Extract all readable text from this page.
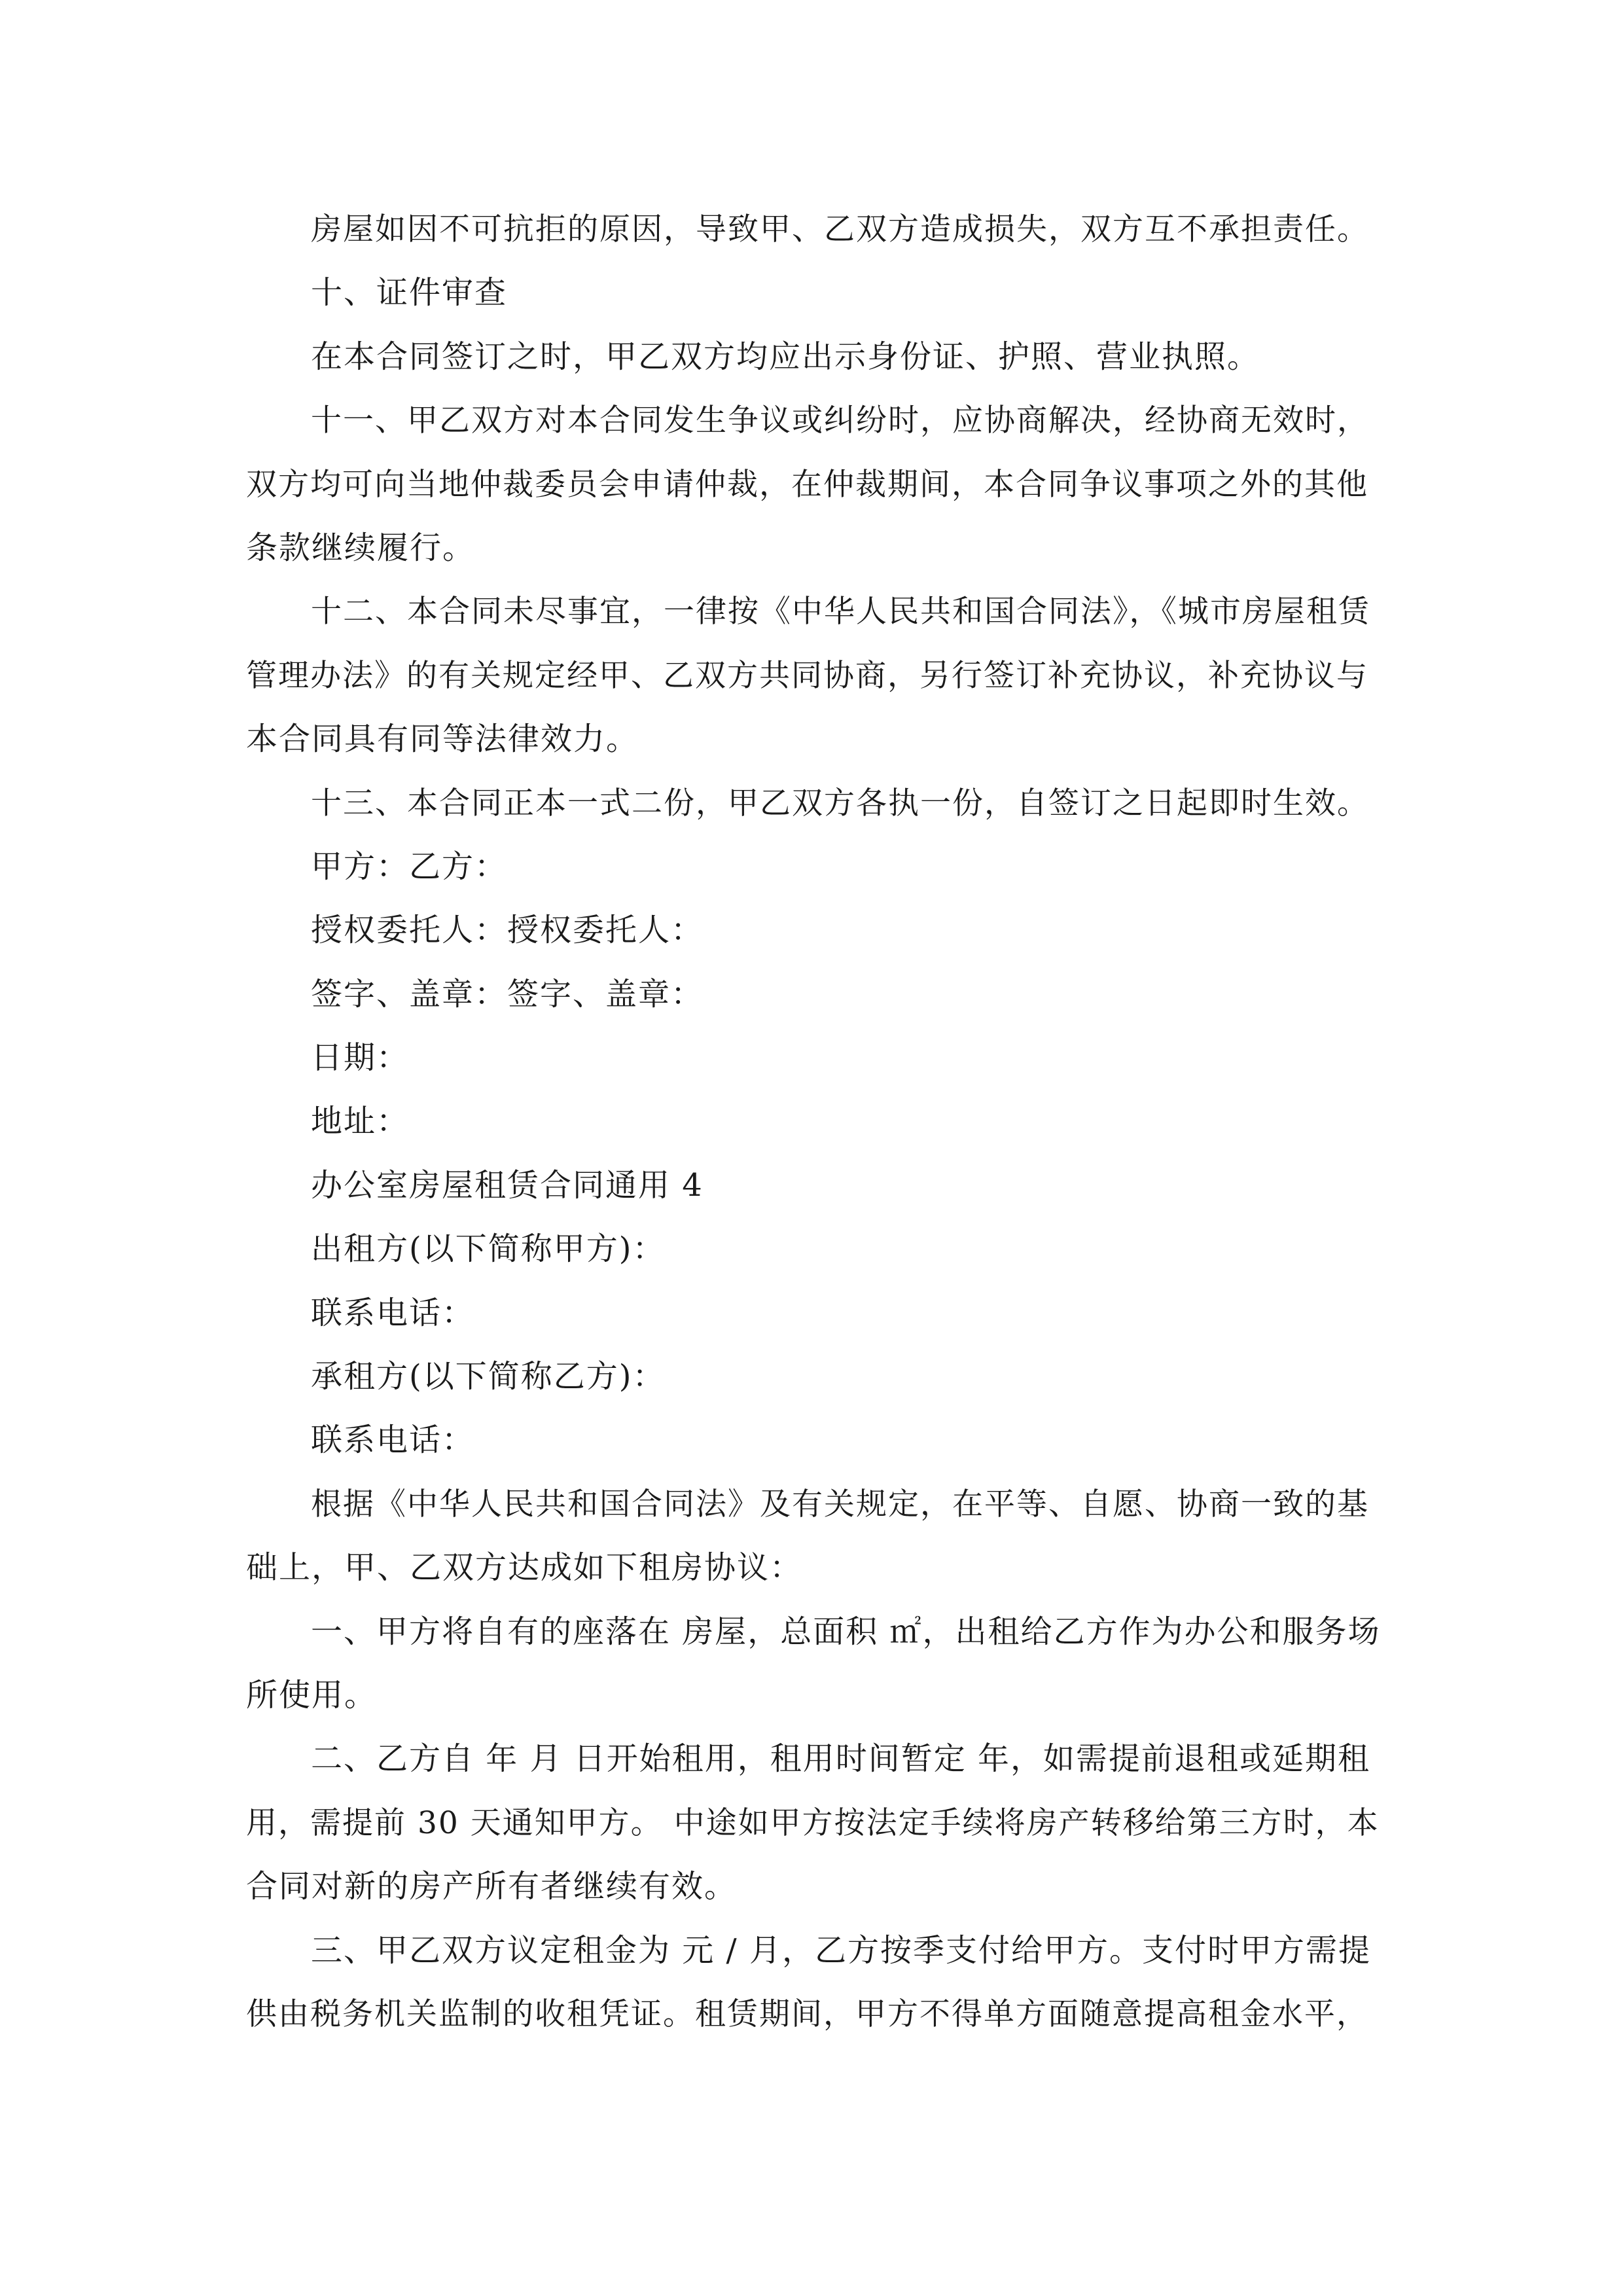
房屋如因不可抗拒的原因，导致甲、乙双方造成损失，双方互不承担责任。
十、证件审查
在本合同签订之时，甲乙双方均应出示身份证、护照、营业执照。
十一、甲乙双方对本合同发生争议或纠纷时，应协商解决，经协商无效时，
双方均可向当地仲裁委员会申请仲裁，在仲裁期间，本合同争议事项之外的其他
条款继续履行。
十二、本合同未尽事宜，一律按《中华人民共和国合同法》，《城市房屋租赁
管理办法》的有关规定经甲、乙双方共同协商，另行签订补充协议，补充协议与
本合同具有同等法律效力。
十三、本合同正本一式二份，甲乙双方各执一份，自签订之日起即时生效。
甲方：乙方：
授权委托人：授权委托人：
签字、盖章：签字、盖章：
日期：
地址：
办公室房屋租赁合同通用 4
出租方(以下简称甲方)：
联系电话：
承租方(以下简称乙方)：
联系电话：
根据《中华人民共和国合同法》及有关规定，在平等、自愿、协商一致的基
础上，甲、乙双方达成如下租房协议：
一、甲方将自有的座落在 房屋，总面积 ㎡，出租给乙方作为办公和服务场
所使用。
二、乙方自 年 月 日开始租用，租用时间暂定 年，如需提前退租或延期租
用，需提前 30 天通知甲方。 中途如甲方按法定手续将房产转移给第三方时，本
合同对新的房产所有者继续有效。
三、甲乙双方议定租金为 元 / 月，乙方按季支付给甲方。支付时甲方需提
供由税务机关监制的收租凭证。租赁期间，甲方不得单方面随意提高租金水平，
